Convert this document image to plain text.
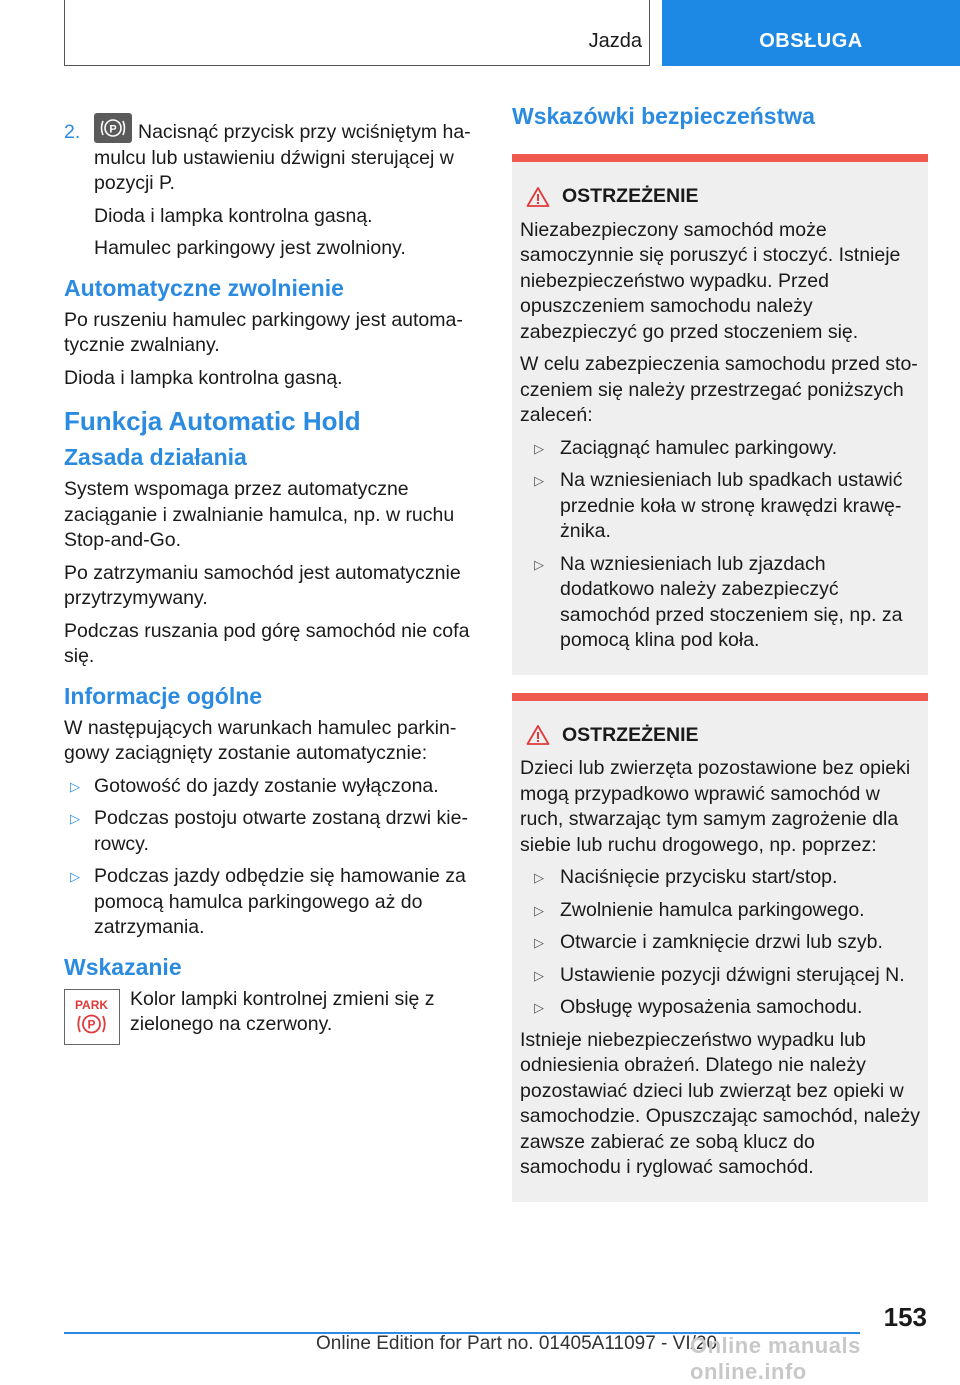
Jazda	OBSŁUGA
2.	P Nacisnąć przycisk przy wciśniętym hamulcu lub ustawieniu dźwigni sterującej w pozycji P.

Dioda i lampka kontrolna gasną.

Hamulec parkingowy jest zwolniony.

Automatyczne zwolnienie

Po ruszeniu hamulec parkingowy jest automatycznie zwalniany.

Dioda i lampka kontrolna gasną.

Funkcja Automatic Hold
Zasada działania

System wspomaga przez automatyczne zaciąganie i zwalnianie hamulca, np. w ruchu Stop-and-Go.

Po zatrzymaniu samochód jest automatycznie przytrzymywany.

Podczas ruszania pod górę samochód nie cofa się.

Informacje ogólne

W następujących warunkach hamulec parkingowy zaciągnięty zostanie automatycznie:

▷ Gotowość do jazdy zostanie wyłączona.
▷ Podczas postoju otwarte zostaną drzwi kierowcy.
▷ Podczas jazdy odbędzie się hamowanie za pomocą hamulca parkingowego aż do zatrzymania.
Wskazanie
PARK
P

Kolor lampki kontrolnej zmieni się z zielonego na czerwony.

Wskazówki bezpieczeństwa
OSTRZEŻENIE

Niezabezpieczony samochód może samoczynnie się poruszyć i stoczyć. Istnieje niebezpieczeństwo wypadku. Przed opuszczeniem samochodu należy zabezpieczyć go przed stoczeniem się.

W celu zabezpieczenia samochodu przed stoczeniem się należy przestrzegać poniższych zaleceń:

▷ Zaciągnąć hamulec parkingowy.
▷ Na wzniesieniach lub spadkach ustawić przednie koła w stronę krawędzi krawężnika.
▷ Na wzniesieniach lub zjazdach dodatkowo należy zabezpieczyć samochód przed stoczeniem się, np. za pomocą klina pod koła.
OSTRZEŻENIE

Dzieci lub zwierzęta pozostawione bez opieki mogą przypadkowo wprawić samochód w ruch, stwarzając tym samym zagrożenie dla siebie lub ruchu drogowego, np. poprzez:

▷ Naciśnięcie przycisku start/stop.
▷ Zwolnienie hamulca parkingowego.
▷ Otwarcie i zamknięcie drzwi lub szyb.
▷ Ustawienie pozycji dźwigni sterującej N.
▷ Obsługę wyposażenia samochodu.

Istnieje niebezpieczeństwo wypadku lub odniesienia obrażeń. Dlatego nie należy pozostawiać dzieci lub zwierząt bez opieki w samochodzie. Opuszczając samochód, należy zawsze zabierać ze sobą klucz do samochodu i ryglować samochód.

153
Online Edition for Part no. 01405A11097 - VI/20
Online manuals online.info
